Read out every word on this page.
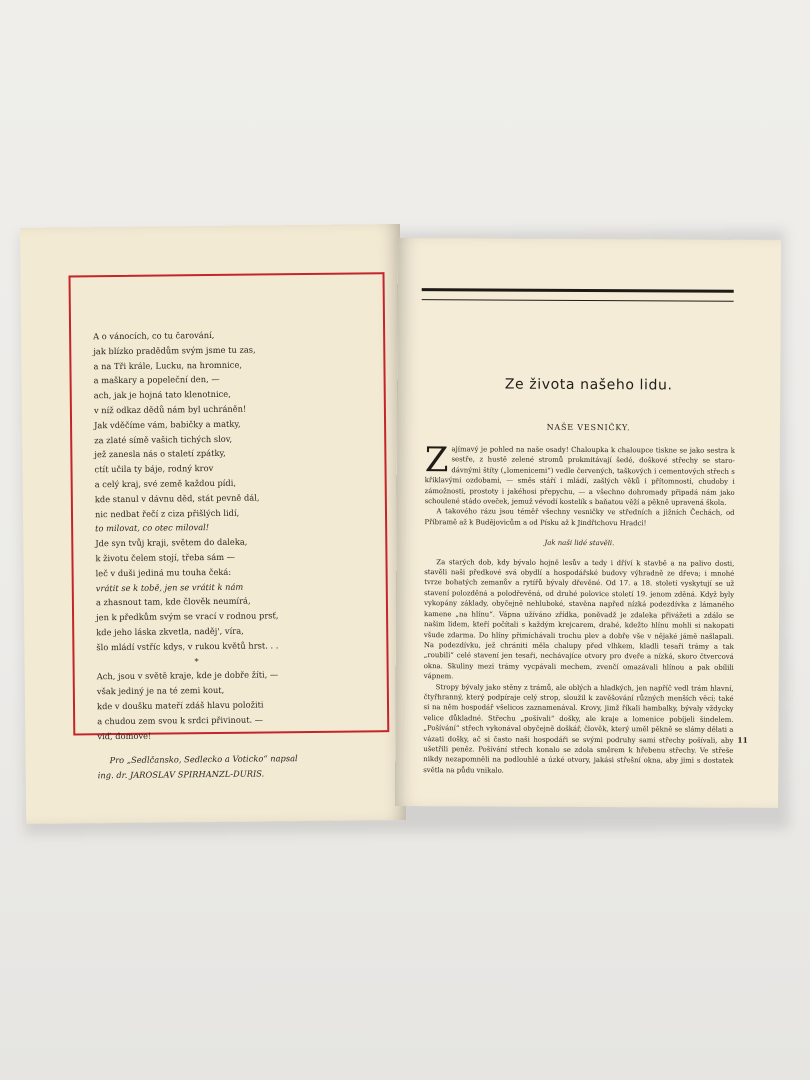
A o vánocích, co tu čarování,
jak blízko pradědům svým jsme tu zas,
a na Tři krále, Lucku, na hromnice,
a maškary a popeleční den, —
ach, jak je hojná tato klenotnice,
v níž odkaz dědů nám byl uchráněn!
Jak vděčíme vám, babičky a matky,
za zlaté símě vašich tichých slov,
jež zanesla nás o staletí zpátky,
ctít učila ty báje, rodný krov
a celý kraj, své země každou pídi,
kde stanul v dávnu děd, stát pevně dál,
nic nedbat řečí z ciza přišlých lidí,
to milovat, co otec miloval!
Jde syn tvůj kraji, světem do daleka,
k životu čelem stojí, třeba sám —
leč v duši jediná mu touha čeká:
vrátit se k tobě, jen se vrátit k nám
a zhasnout tam, kde člověk neumírá,
jen k předkům svým se vrací v rodnou prsť,
kde jeho láska zkvetla, naděj', víra,
šlo mládí vstříc kdys, v rukou květů hrst. . .
*
Ach, jsou v světě kraje, kde je dobře žíti, —
však jediný je na té zemi kout,
kde v doušku mateří zdáš hlavu položiti
a chudou zem svou k srdci přivinout. —
viď, domove!
Pro „Sedlčansko, Sedlecko a Voticko“ napsal
ing. dr. JAROSLAV SPIRHANZL-DURIS.
Ze života našeho lidu.
NAŠE VESNIČKY.

Zajímavý je pohled na naše osady! Chaloupka k chaloupce tiskne se jako sestra k sestře, z hustě zelené stromů prokmitávají šedé, doškové střechy se staro-dávnými štíty („lomenicemi“) vedle červených, taškových i cementových střech s křiklavými ozdobami, — směs stáří i mládí, zašlých věků i přítomnosti, chudoby i zámožnosti, prostoty i jakéhosi přepychu, — a všechno dohromady připadá nám jako schoulené stádo oveček, jemuž vévodí kostelík s baňatou věží a pěkně upravená škola.

A takového rázu jsou téměř všechny vesničky ve středních a jižních Čechách, od Příbramě až k Budějovicům a od Písku až k Jindřichovu Hradci!

Jak naši lidé stavěli.

Za starých dob, kdy bývalo hojně lesův a tedy i dříví k stavbě a na palivo dosti, stavěli naši předkové svá obydlí a hospodářské budovy výhradně ze dřeva; i mnohé tvrze bohatých zemanův a rytířů bývaly dřevěné. Od 17. a 18. století vyskytují se už stavení polozděná a polodřevěná, od druhé polovice století 19. jenom zděná. Když byly vykopány základy, obyčejně nehluboké, stavěna napřed nízká podezdívka z lámaného kamene „na hlínu“. Vápna užíváno zřídka, poněvadž je zdaleka přivážeti a zdálo se našim lidem, kteří počítali s každým krejcarem, drahé, kdežto hlínu mohli si nakopati všude zdarma. Do hlíny přimíchávali trochu plev a dobře vše v nějaké jámě našlapali. Na podezdívku, jež chrániti měla chalupy před vlhkem, kladli tesaři trámy a tak „roubili“ celé stavení jen tesaři, nechávajíce otvory pro dveře a nízká, skoro čtvercová okna. Skuliny mezi trámy vycpávali mechem, zvenčí omazávali hlínou a pak obílili vápnem.

Stropy bývaly jako stěny z trámů, ale oblých a hladkých, jen napříč vedl trám hlavní, čtyřhranný, který podpíraje celý strop, sloužil k zavěšování různých menších věcí; také si na něm hospodář všelicos zaznamenával. Krovy, jimž říkali hambalky, bývaly vždycky velice důkladné. Střechu „pošívali“ došky, ale kraje a lomenice pobíjeli šindelem. „Pošívání“ střech vykonával obyčejně doškář, člověk, který uměl pěkně se slámy dělati a vázati došky, ač si často naši hospodáři se svými podruhy sami střechy pošívali, aby ušetřili peněz. Pošívání střech konalo se zdola směrem k hřebenu střechy. Ve střeše nikdy nezapomněli na podlouhlé a úzké otvory, jakási střešní okna, aby jimi s dostatek světla na půdu vnikalo.

11
